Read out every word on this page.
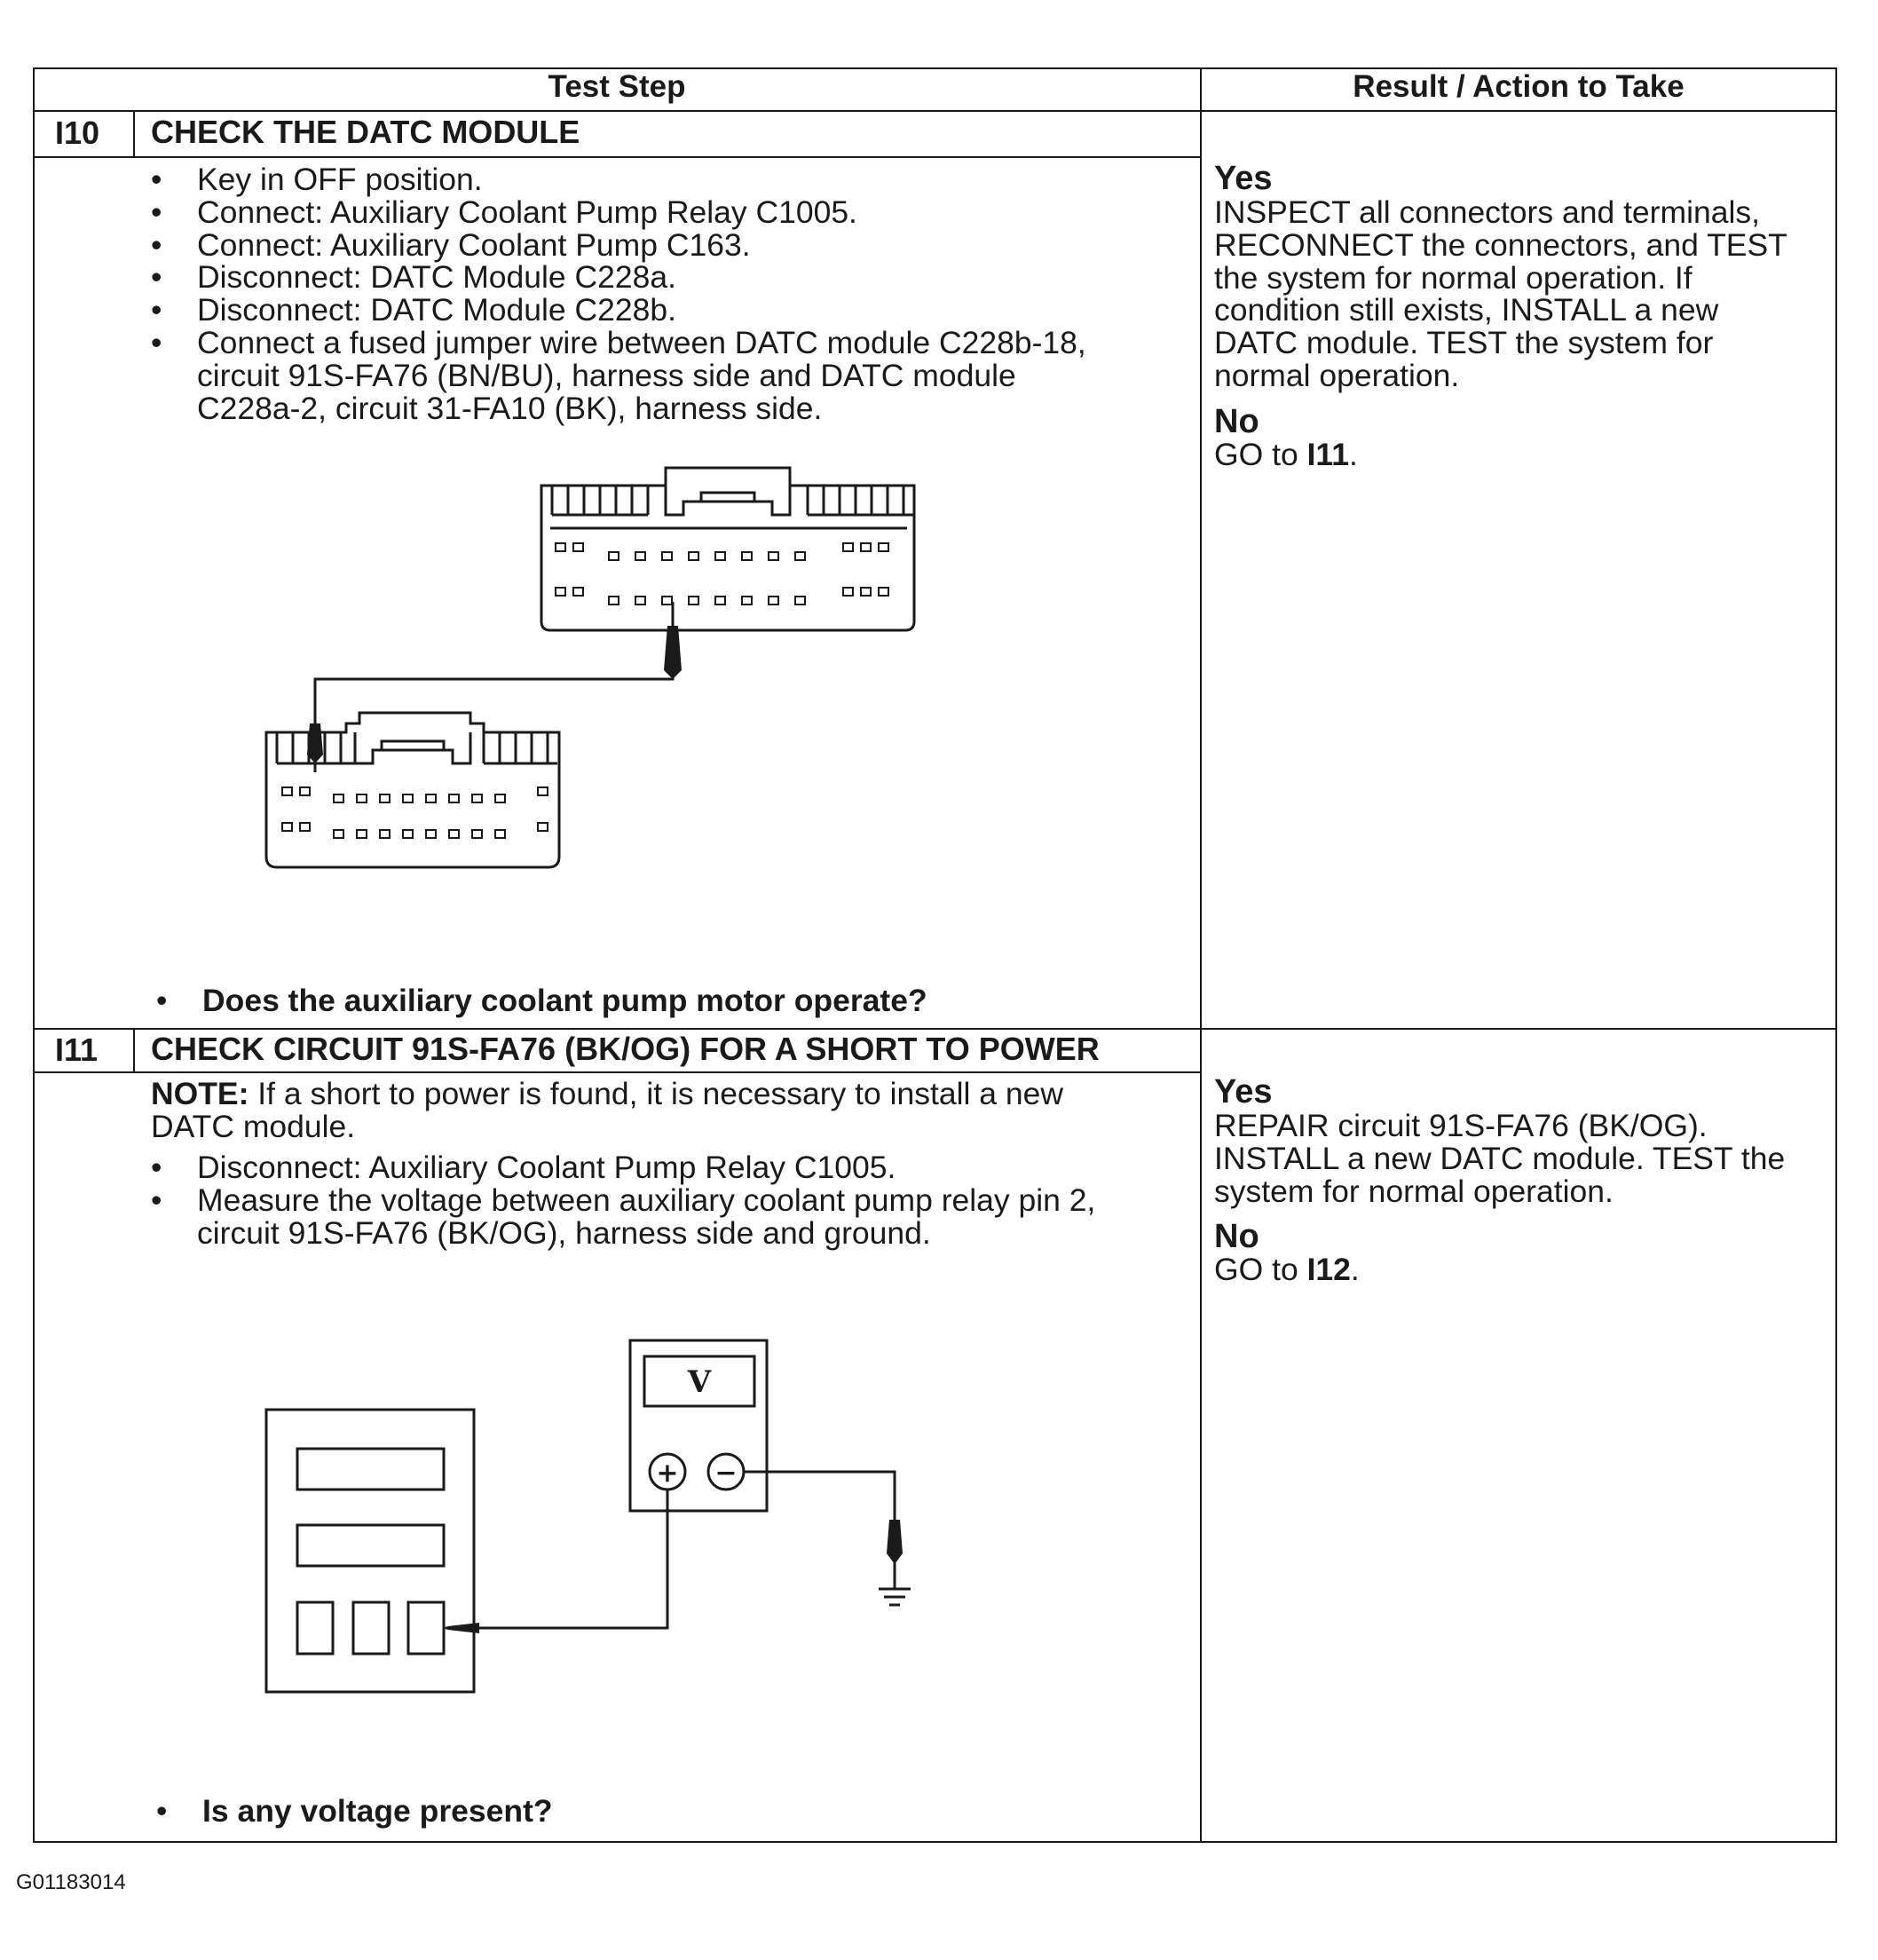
Test Step	Result / Action to Take
I10 CHECK THE DATC MODULE
• Key in OFF position.
• Connect: Auxiliary Coolant Pump Relay C1005.
• Connect: Auxiliary Coolant Pump C163.
• Disconnect: DATC Module C228a.
• Disconnect: DATC Module C228b.
• Connect a fused jumper wire between DATC module C228b-18,
circuit 91S-FA76 (BN/BU), harness side and DATC module
C228a-2, circuit 31-FA10 (BK), harness side.
• Does the auxiliary coolant pump motor operate?
Yes
INSPECT all connectors and terminals,
RECONNECT the connectors, and TEST
the system for normal operation. If
condition still exists, INSTALL a new
DATC module. TEST the system for
normal operation.
No
GO to I11.
I11 CHECK CIRCUIT 91S-FA76 (BK/OG) FOR A SHORT TO POWER
NOTE: If a short to power is found, it is necessary to install a new
DATC module.
• Disconnect: Auxiliary Coolant Pump Relay C1005.
• Measure the voltage between auxiliary coolant pump relay pin 2,
circuit 91S-FA76 (BK/OG), harness side and ground.
V
+ −
• Is any voltage present?
Yes
REPAIR circuit 91S-FA76 (BK/OG).
INSTALL a new DATC module. TEST the
system for normal operation.
No
GO to I12.
G01183014
